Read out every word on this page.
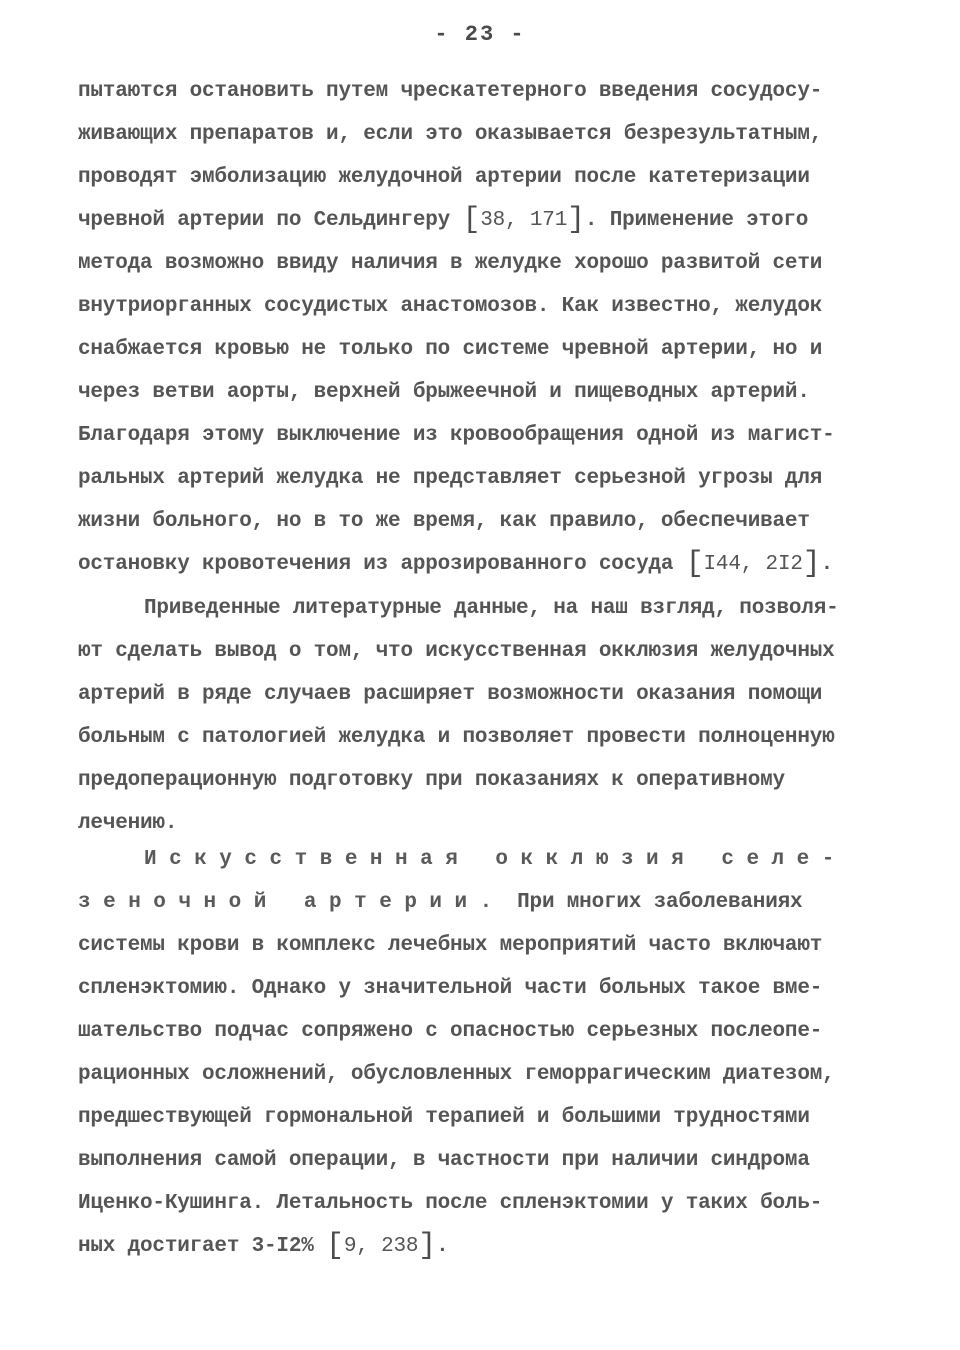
- 23 -
пытаются остановить путем чрескатетерного введения сосудосу-
живающих препаратов и, если это оказывается безрезультатным,
проводят эмболизацию желудочной артерии после катетеризации
чревной артерии по Сельдингеру [38, 171]. Применение этого
метода возможно ввиду наличия в желудке хорошо развитой сети
внутриорганных сосудистых анастомозов. Как известно, желудок
снабжается кровью не только по системе чревной артерии, но и
через ветви аорты, верхней брыжеечной и пищеводных артерий.
Благодаря этому выключение из кровообращения одной из магист-
ральных артерий желудка не представляет серьезной угрозы для
жизни больного, но в то же время, как правило, обеспечивает
остановку кровотечения из аррозированного сосуда [I44, 2I2].
Приведенные литературные данные, на наш взгляд, позволя-
ют сделать вывод о том, что искусственная окклюзия желудочных
артерий в ряде случаев расширяет возможности оказания помощи
больным с патологией желудка и позволяет провести полноценную
предоперационную подготовку при показаниях к оперативному
лечению.
Искусственная окклюзия селе-
зеночной артерии. При многих заболеваниях
системы крови в комплекс лечебных мероприятий часто включают
спленэктомию. Однако у значительной части больных такое вме-
шательство подчас сопряжено с опасностью серьезных послеопе-
рационных осложнений, обусловленных геморрагическим диатезом,
предшествующей гормональной терапией и большими трудностями
выполнения самой операции, в частности при наличии синдрома
Иценко-Кушинга. Летальность после спленэктомии у таких боль-
ных достигает 3-I2% [9, 238].
